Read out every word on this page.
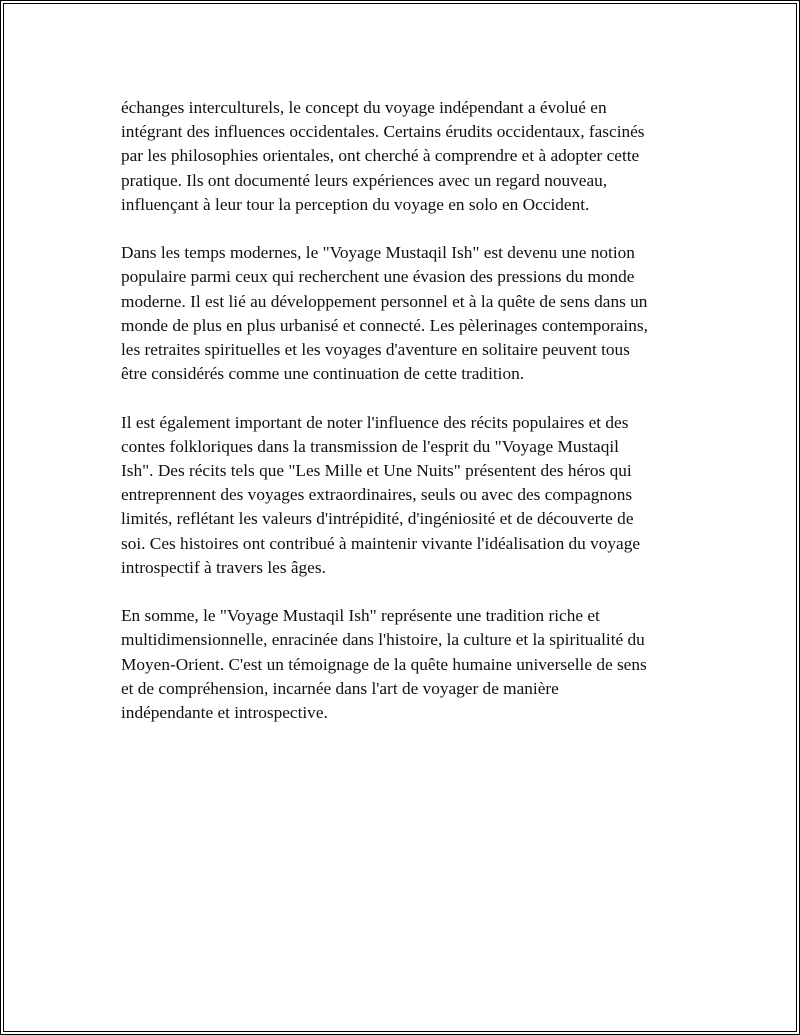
échanges interculturels, le concept du voyage indépendant a évolué en
intégrant des influences occidentales. Certains érudits occidentaux, fascinés
par les philosophies orientales, ont cherché à comprendre et à adopter cette
pratique. Ils ont documenté leurs expériences avec un regard nouveau,
influençant à leur tour la perception du voyage en solo en Occident.

Dans les temps modernes, le "Voyage Mustaqil Ish" est devenu une notion
populaire parmi ceux qui recherchent une évasion des pressions du monde
moderne. Il est lié au développement personnel et à la quête de sens dans un
monde de plus en plus urbanisé et connecté. Les pèlerinages contemporains,
les retraites spirituelles et les voyages d'aventure en solitaire peuvent tous
être considérés comme une continuation de cette tradition.

Il est également important de noter l'influence des récits populaires et des
contes folkloriques dans la transmission de l'esprit du "Voyage Mustaqil
Ish". Des récits tels que "Les Mille et Une Nuits" présentent des héros qui
entreprennent des voyages extraordinaires, seuls ou avec des compagnons
limités, reflétant les valeurs d'intrépidité, d'ingéniosité et de découverte de
soi. Ces histoires ont contribué à maintenir vivante l'idéalisation du voyage
introspectif à travers les âges.

En somme, le "Voyage Mustaqil Ish" représente une tradition riche et
multidimensionnelle, enracinée dans l'histoire, la culture et la spiritualité du
Moyen-Orient. C'est un témoignage de la quête humaine universelle de sens
et de compréhension, incarnée dans l'art de voyager de manière
indépendante et introspective.
